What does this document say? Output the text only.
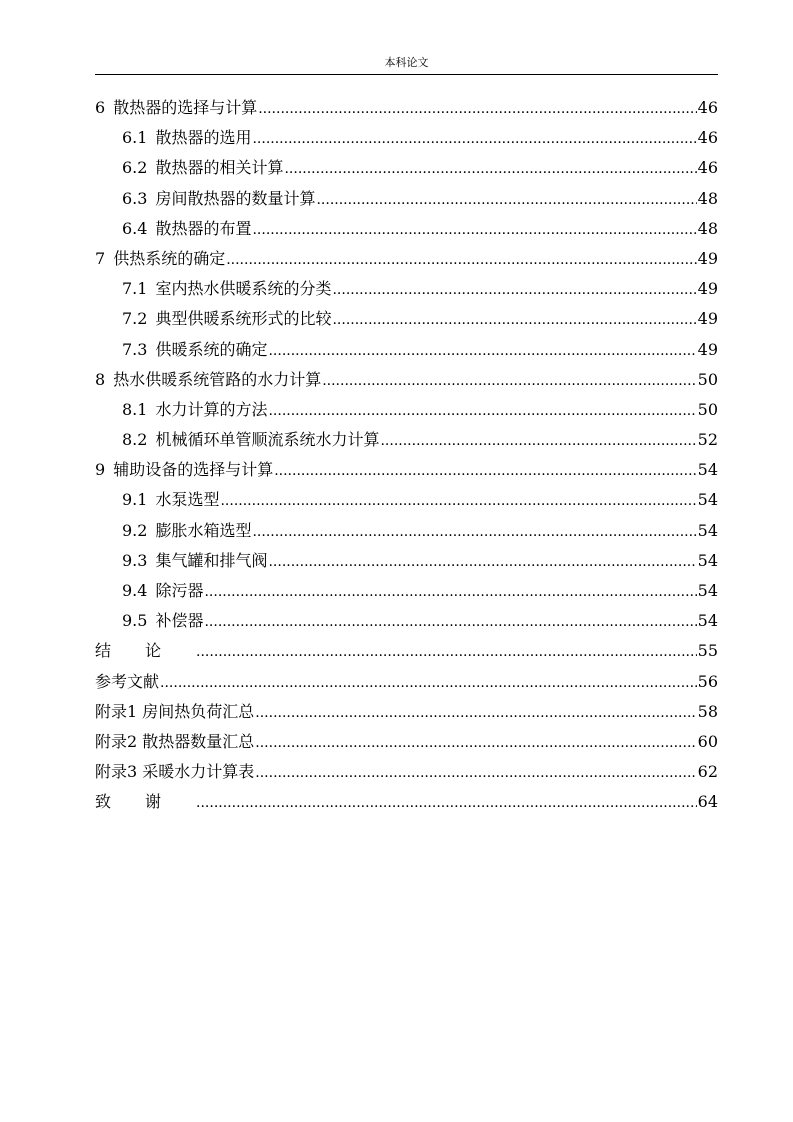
本科论文
6 散热器的选择与计算 .....	46
6.1 散热器的选用 .....	46
6.2 散热器的相关计算 .....	46
6.3 房间散热器的数量计算 .....	48
6.4 散热器的布置 .....	48
7 供热系统的确定 .....	49
7.1 室内热水供暖系统的分类 .....	49
7.2 典型供暖系统形式的比较 .....	49
7.3 供暖系统的确定 .....	49
8 热水供暖系统管路的水力计算 .....	50
8.1 水力计算的方法 .....	50
8.2 机械循环单管顺流系统水力计算 .....	52
9 辅助设备的选择与计算 .....	54
9.1 水泵选型 .....	54
9.2 膨胀水箱选型 .....	54
9.3 集气罐和排气阀 .....	54
9.4 除污器 .....	54
9.5 补偿器 .....	54
结论 .....	55
参考文献 .....	56
附录1 房间热负荷汇总 .....	58
附录2 散热器数量汇总 .....	60
附录3 采暖水力计算表 .....	62
致谢 .....	64
